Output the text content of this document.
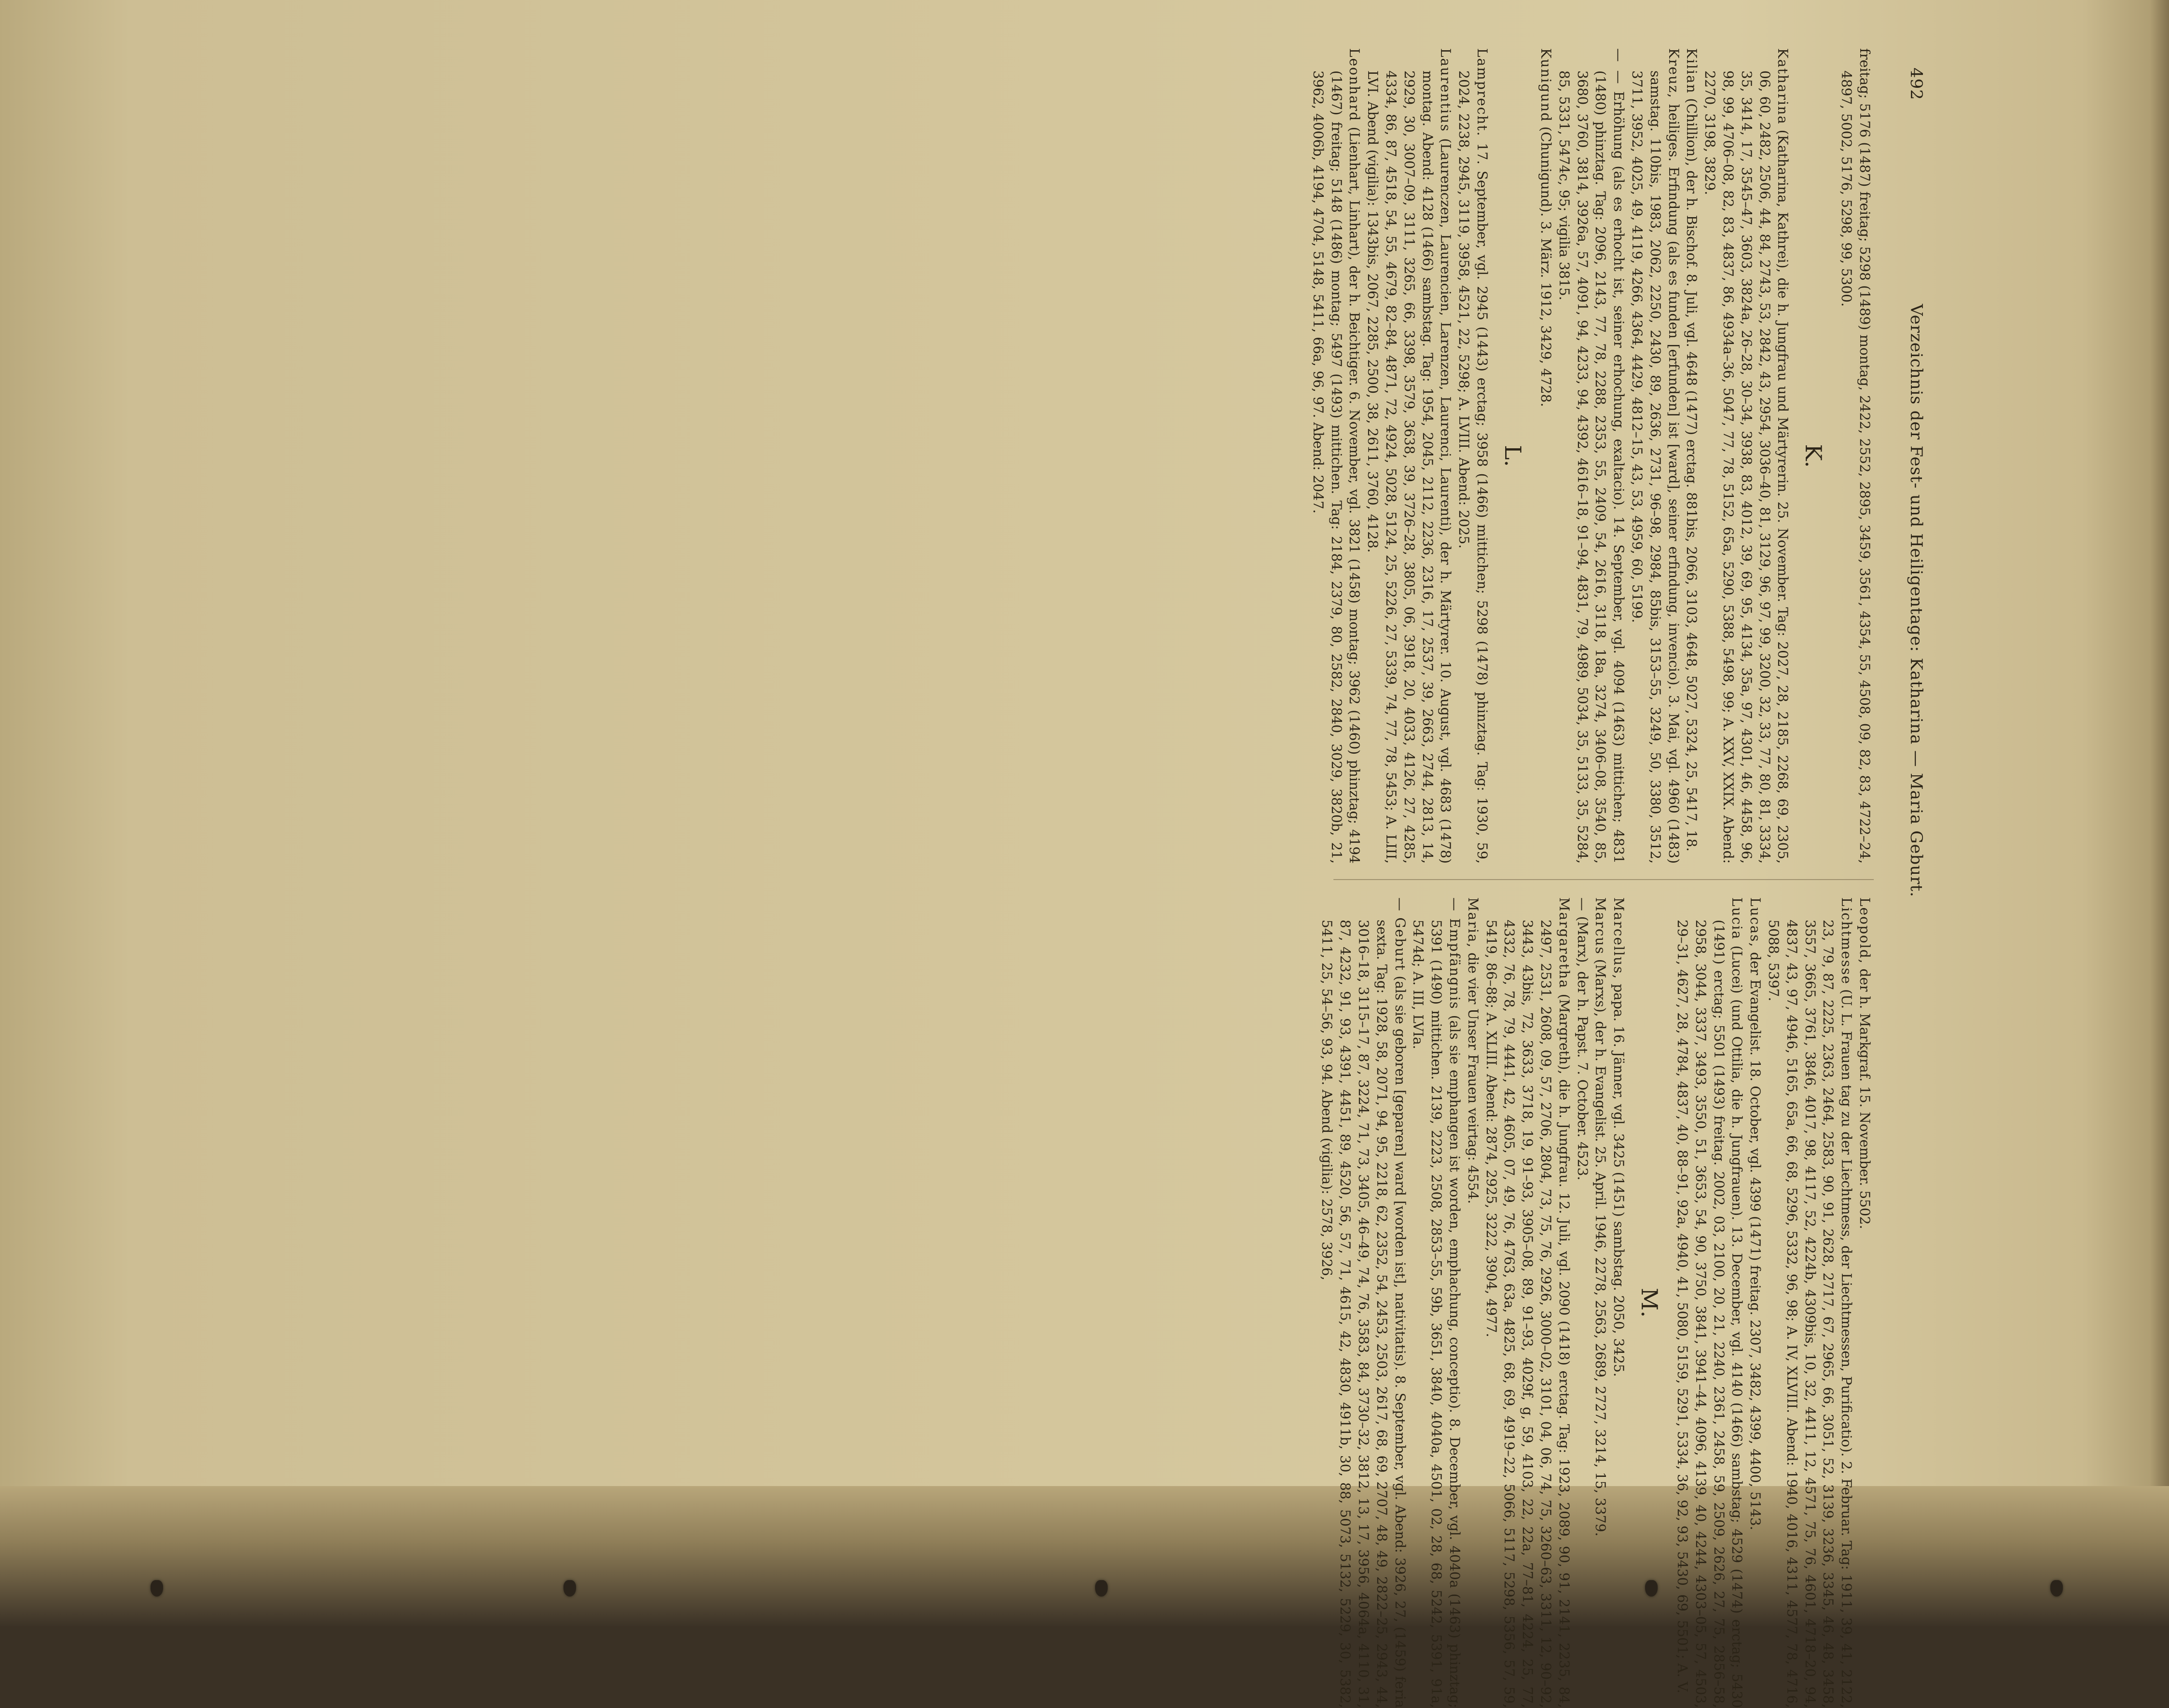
492
Verzeichnis der Fest- und Heiligentage: Katharina — Maria Geburt.

freitag; 5176 (1487) freitag; 5298 (1489) montag, 2422, 2552, 2895, 3459, 3561, 4354, 55, 4508, 09, 82, 83, 4722–24, 4897, 5002, 5176, 5298, 99, 5300.

K.

Katharina (Katharina, Kathrei), die h. Jungfrau und Märtyrerin. 25. November. Tag: 2027, 28, 2185, 2268, 69, 2305, 06, 60, 2482, 2506, 44, 84, 2743, 53, 2842, 43, 2954, 3036–40, 81, 3129, 96, 97, 99, 3200, 32, 33, 77, 80, 81, 3334, 35, 3414, 17, 3545–47, 3603, 3824a, 26–28, 30–34, 3938, 83, 4012, 39, 69, 95, 4134, 35a, 97, 4301, 46, 4458, 96, 98, 99, 4706–08, 82, 83, 4837, 86, 4934a–36, 5047, 77, 78, 5152, 65a, 5290, 5388, 5498, 99; A. XXV, XXIX. Abend: 2270, 3198, 3829.

Kilian (Chillion), der h. Bischof. 8. Juli, vgl. 4648 (1477) erctag. 881bis, 2066, 3103, 4648, 5027, 5324, 25, 5417, 18.

Kreuz, heiliges. Erfindung (als es funden [erfunden] ist [ward], seiner erfindung, invencio). 3. Mai, vgl. 4960 (1483) samstag. 110bis, 1983, 2062, 2250, 2430, 89, 2636, 2731, 96–98, 2984, 85bis, 3153–55, 3249, 50, 3380, 3512, 3711, 3952, 4025, 49, 4119, 4266, 4364, 4429, 4812–15, 43, 53, 4959, 60, 5199.

— — Erhöhung (als es erhocht ist, seiner erhochung, exaltacio). 14. September, vgl. 4094 (1463) mittichen; 4831 (1480) phinztag. Tag: 2096, 2143, 77, 78, 2288, 2353, 55, 2409, 54, 2616, 3118, 18a, 3274, 3406–08, 3540, 85, 3680, 3760, 3814, 3926a, 57, 4091, 94, 4233, 94, 4392, 4616–18, 91–94, 4831, 79, 4989, 5034, 35, 5133, 35, 5284, 85, 5331, 5474c, 95; vigilia 3815.

Kunigund (Chunigund). 3. März. 1912, 3429, 4728.

L.

Lamprecht. 17. September, vgl. 2945 (1443) erctag; 3958 (1466) mittichen; 5298 (1478) phinztag. Tag: 1930, 59, 2024, 2238, 2945, 3119, 3958, 4521, 22, 5298; A. LVIII. Abend: 2025.

Laurentius (Laurenczen, Laurencien, Larenzen, Laurenci, Laurenti), der h. Märtyrer. 10. August, vgl. 4683 (1478) montag. Abend: 4128 (1466) sambstag. Tag: 1954, 2045, 2112, 2236, 2316, 17, 2537, 39, 2663, 2744, 2813, 14, 2929, 30, 3007–09, 3111, 3265, 66, 3398, 3579, 3638, 39, 3726–28, 3805, 06, 3918, 20, 4033, 4126, 27, 4285, 4334, 86, 87, 4518, 54, 55, 4679, 82–84, 4871, 72, 4924, 5028, 5124, 25, 5226, 27, 5339, 74, 77, 78, 5453; A. LIII, LVI. Abend (vigilia): 1343bis, 2067, 2285, 2500, 38, 2611, 3760, 4128.

Leonhard (Lienhart, Linhart), der h. Beichtiger. 6. November, vgl. 3821 (1458) montag; 3962 (1460) phinztag; 4194 (1467) freitag; 5148 (1486) montag; 5497 (1493) mittichen. Tag: 2184, 2379, 80, 2582, 2840, 3029, 3820b, 21, 3962, 4006b, 4194, 4704, 5148, 5411, 66a, 96, 97. Abend: 2047.

Leopold, der h. Markgraf. 15. November. 5502.

Lichtmesse (U. L. Frauen tag zu der Liechtmess, der Liechtmessen, Purificatio). 2. Februar. Tag: 1911, 39, 41, 2122, 23, 79, 87, 2225, 2363, 2464, 2583, 90, 91, 2628, 2717, 67, 2965, 66, 3051, 52, 3139, 3236, 3345, 46, 48, 3458, 3557, 3665, 3761, 3846, 4017, 98, 4117, 52, 4224b, 4309bis, 10, 32, 4411, 12, 4571, 75, 76, 4601, 4718–20, 94, 4837, 43, 97, 4946, 5165, 65a, 66, 68, 5296, 5332, 96, 98; A. IV, XLVIII. Abend: 1940, 4016, 4311, 4577, 78, 4716, 5088, 5397.

Lucas, der Evangelist. 18. October, vgl. 4399 (1471) freitag. 2307, 3482, 4399, 4400, 5143.

Lucia (Lucei) (und Ottilia, die h. Jungfrauen). 13. December, vgl. 4140 (1466) sambstag; 4529 (1474) erctag; 5430 (1491) erctag; 5501 (1493) freitag. 2002, 03, 2100, 20, 21, 2240, 2361, 2458, 59, 2509, 2626, 27, 75, 2856–58, 2958, 3044, 3337, 3493, 3550, 51, 3653, 54, 90, 3750, 3841, 3941–44, 4096, 4139, 40, 4244, 4303–05, 57, 4503, 29–31, 4627, 28, 4784, 4837, 40, 88–91, 92a, 4940, 41, 5080, 5159, 5291, 5334, 36, 92, 93, 5430, 69, 5501; A. V.

M.

Marcellus, papa. 16. Jänner, vgl. 3425 (1451) sambstag. 2050, 3425.

Marcus (Marxs), der h. Evangelist. 25. April. 1946, 2278, 2563, 2689, 2727, 3214, 15, 3379.

— (Marx), der h. Papst. 7. October. 4523.

Margaretha (Margreth), die h. Jungfrau. 12. Juli, vgl. 2090 (1418) erctag. Tag: 1923, 2089, 90, 91, 2141, 2235, 84, 2497, 2531, 2608, 09, 57, 2706, 2804, 73, 75, 76, 2926, 3000–02, 3101, 04, 06, 74, 75, 3260–63, 3311, 12, 90–92, 3443, 43bis, 72, 3633, 3718, 19, 91–93, 3905–08, 89, 91–93, 4029f, g, 59, 4103, 22, 22a, 77–81, 4224, 25, 77, 4332, 76, 78, 79, 4441, 42, 4605, 07, 49, 76, 4763, 63a, 4825, 68, 69, 4919–22, 5066, 5117, 5298, 5356, 57, 59, 5419, 86–88; A. XLIII. Abend: 2874, 2925, 3222, 3904, 4977.

Maria, die vier Unser Frauen veirtag: 4554.

— Empfängnis (als sie emphangen ist worden, emphachung, conceptio). 8. December, vgl. 4040a (1463) phinztag; 5391 (1490) mittichen. 2139, 2223, 2508, 2853–55, 59b, 3651, 3840, 4040a, 4501, 02, 28, 68, 5242, 5391, 91a, 5474d; A. III, LVIa.

— Geburt (als sie geboren [geparen] ward [worden ist], nativitatis). 8. September, vgl. Abend: 3926, 27, (1459) feria sexta. Tag: 1928, 58, 2071, 94, 95, 2218, 62, 2352, 54, 2453, 2503, 2617, 68, 69, 2707, 48, 49, 2822–25, 2943, 44, 3016–18, 3115–17, 87, 3224, 71, 73, 3405, 46–49, 74, 76, 3583, 84, 3730–32, 3812, 13, 17, 3956, 4064a, 4110, 31, 87, 4232, 91, 93, 4391, 4451, 89, 4520, 56, 57, 71, 4615, 42, 4830, 4911b, 30, 88, 5073, 5132, 5229, 30, 5382, 5411, 25, 54–56, 93, 94. Abend (vigilia): 2578, 3926,
